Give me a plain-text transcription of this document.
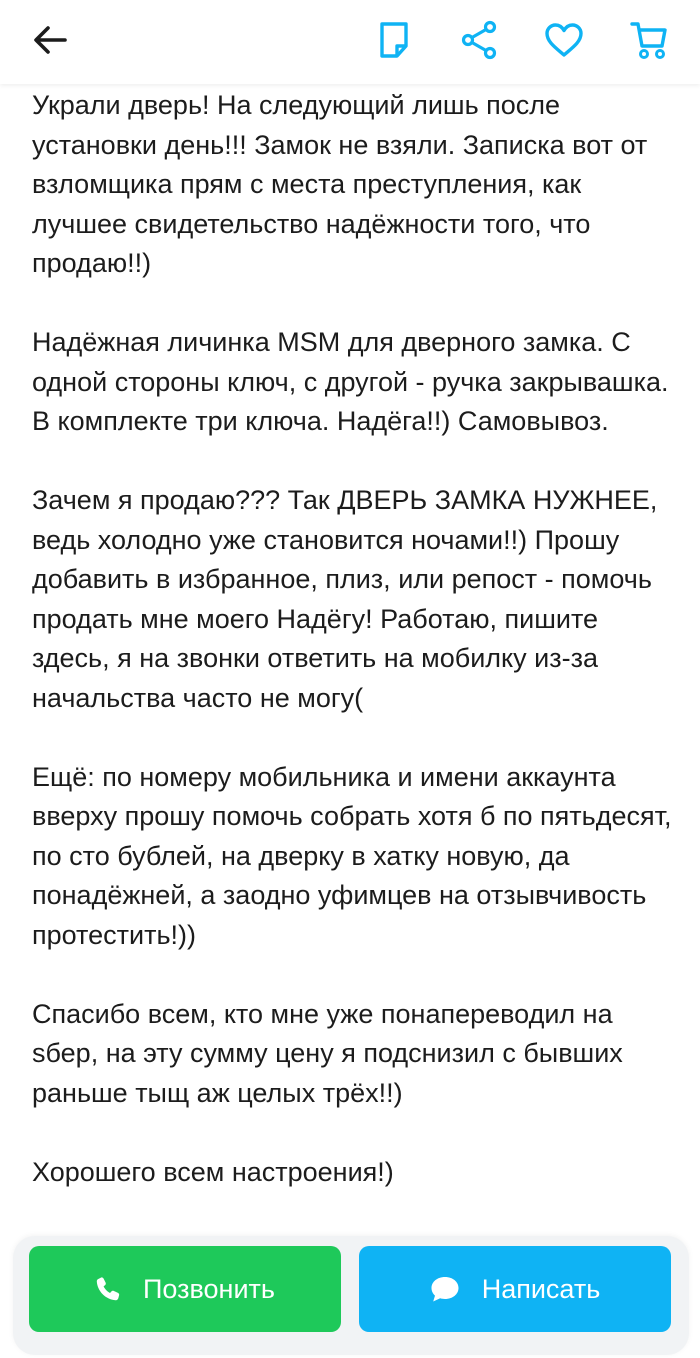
Украли дверь! На следующий лишь после установки день!!! Замок не взяли. Записка вот от взломщика прям с места преступления, как лучшее свидетельство надёжности того, что продаю!!)

Надёжная личинка MSM для дверного замка. С одной стороны ключ, с другой - ручка закрывашка. В комплекте три ключа. Надёга!!) Самовывоз.

Зачем я продаю??? Так ДВЕРЬ ЗАМКА НУЖНЕЕ, ведь холодно уже становится ночами!!) Прошу добавить в избранное, плиз, или репост - помочь продать мне моего Надёгу! Работаю, пишите здесь, я на звонки ответить на мобилку из-за начальства часто не могу(

Ещё: по номеру мобильника и имени аккаунта вверху прошу помочь собрать хотя б по пятьдесят, по сто бублей, на дверку в хатку новую, да понадёжней, а заодно уфимцев на отзывчивость протестить!))

Спасибо всем, кто мне уже понапереводил на sбер, на эту сумму цену я подснизил с бывших раньше тыщ аж целых трёх!!)

Хорошего всем настроения!)
Позвонить	Написать
